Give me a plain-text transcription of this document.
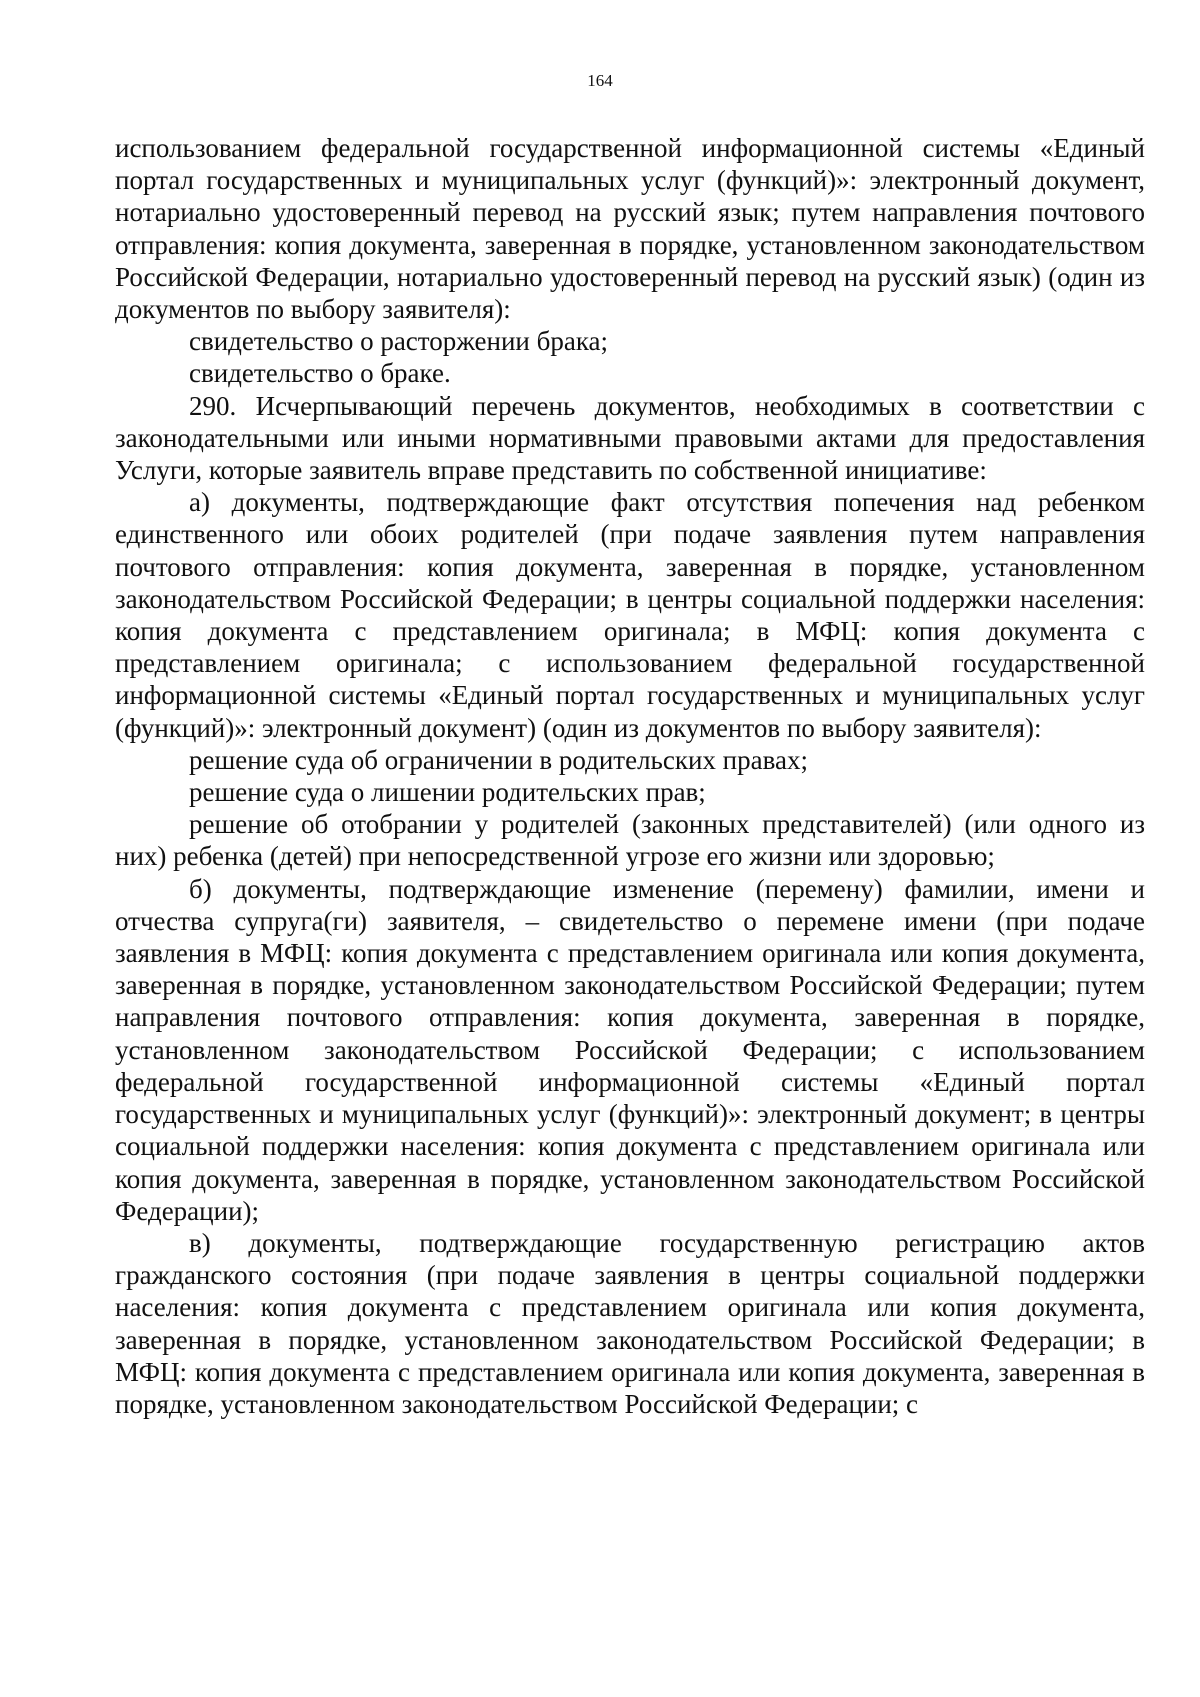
164

использованием федеральной государственной информационной системы «Единый портал государственных и муниципальных услуг (функций)»: электронный документ, нотариально удостоверенный перевод на русский язык; путем направления почтового отправления: копия документа, заверенная в порядке, установленном законодательством Российской Федерации, нотариально удостоверенный перевод на русский язык) (один из документов по выбору заявителя):

свидетельство о расторжении брака;

свидетельство о браке.

290. Исчерпывающий перечень документов, необходимых в соответствии с законодательными или иными нормативными правовыми актами для предоставления Услуги, которые заявитель вправе представить по собственной инициативе:

а) документы, подтверждающие факт отсутствия попечения над ребенком единственного или обоих родителей (при подаче заявления путем направления почтового отправления: копия документа, заверенная в порядке, установленном законодательством Российской Федерации; в центры социальной поддержки населения: копия документа с представлением оригинала; в МФЦ: копия документа с представлением оригинала; с использованием федеральной государственной информационной системы «Единый портал государственных и муниципальных услуг (функций)»: электронный документ) (один из документов по выбору заявителя):

решение суда об ограничении в родительских правах;

решение суда о лишении родительских прав;

решение об отобрании у родителей (законных представителей) (или одного из них) ребенка (детей) при непосредственной угрозе его жизни или здоровью;

б) документы, подтверждающие изменение (перемену) фамилии, имени и отчества супруга(ги) заявителя, – свидетельство о перемене имени (при подаче заявления в МФЦ: копия документа с представлением оригинала или копия документа, заверенная в порядке, установленном законодательством Российской Федерации; путем направления почтового отправления: копия документа, заверенная в порядке, установленном законодательством Российской Федерации; с использованием федеральной государственной информационной системы «Единый портал государственных и муниципальных услуг (функций)»: электронный документ; в центры социальной поддержки населения: копия документа с представлением оригинала или копия документа, заверенная в порядке, установленном законодательством Российской Федерации);

в) документы, подтверждающие государственную регистрацию актов гражданского состояния (при подаче заявления в центры социальной поддержки населения: копия документа с представлением оригинала или копия документа, заверенная в порядке, установленном законодательством Российской Федерации; в МФЦ: копия документа с представлением оригинала или копия документа, заверенная в порядке, установленном законодательством Российской Федерации; с
